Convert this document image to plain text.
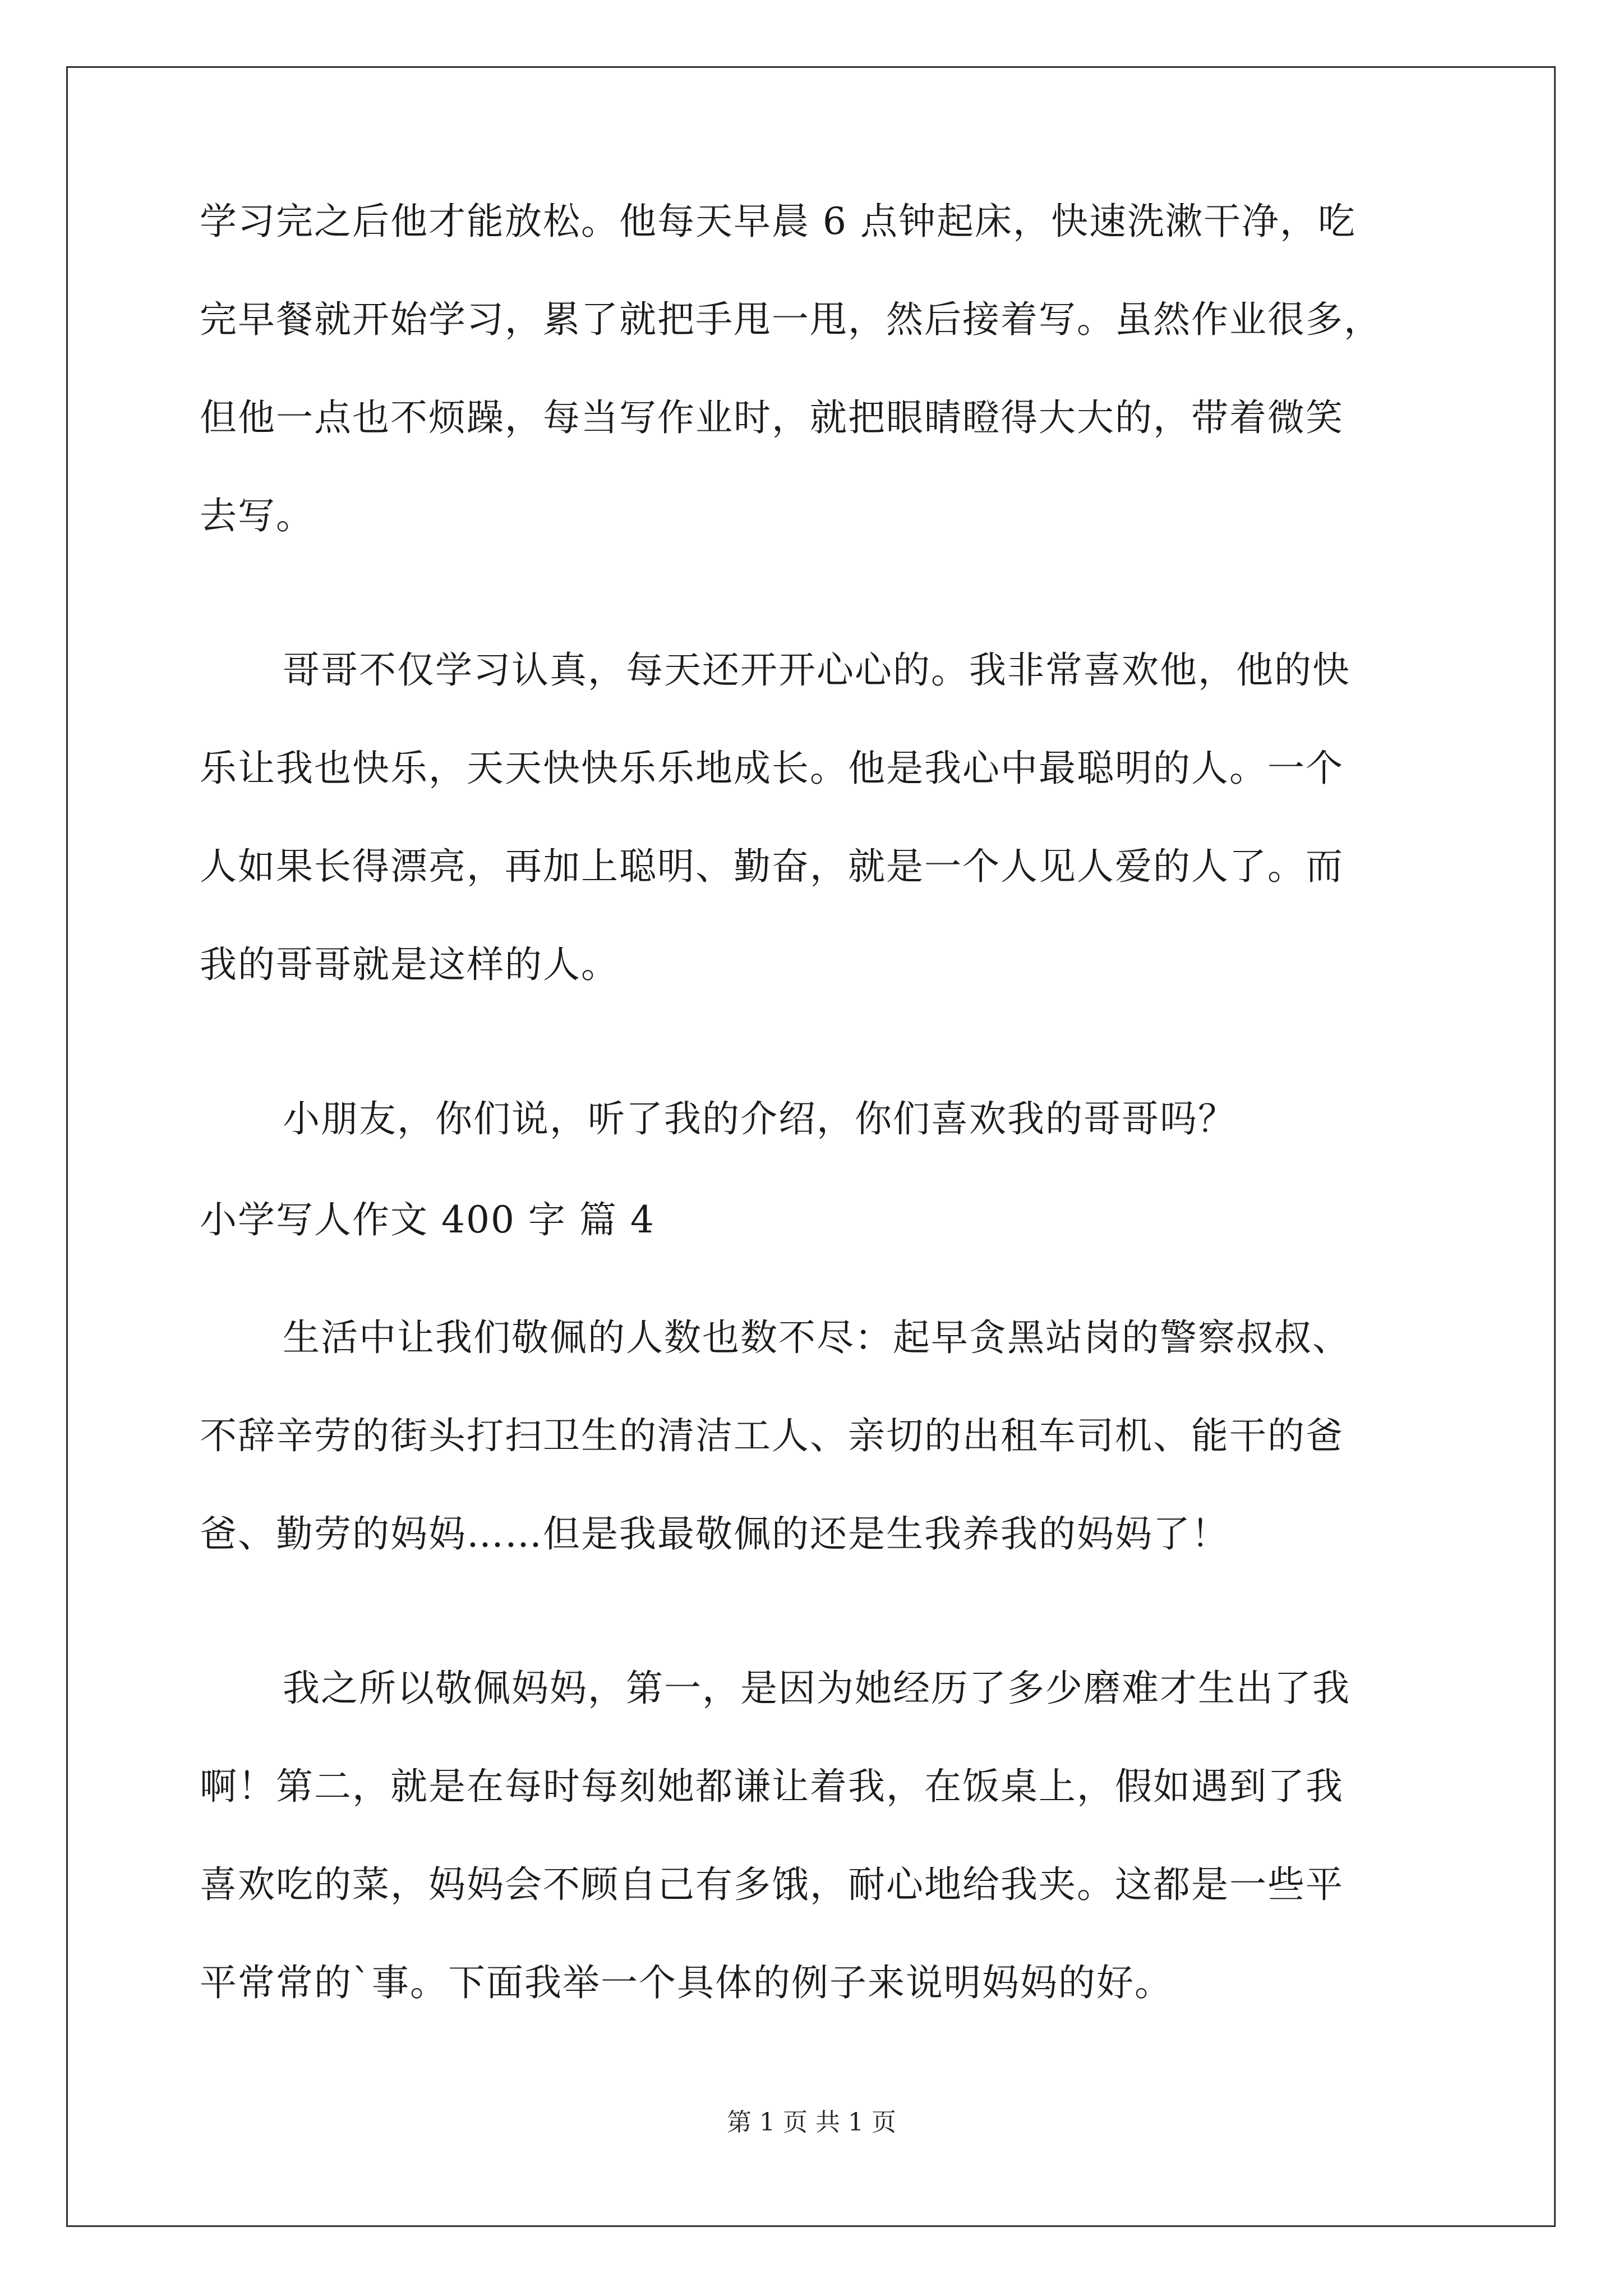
学习完之后他才能放松。他每天早晨 6 点钟起床，快速洗漱干净，吃
完早餐就开始学习，累了就把手甩一甩，然后接着写。虽然作业很多，
但他一点也不烦躁，每当写作业时，就把眼睛瞪得大大的，带着微笑
去写。
哥哥不仅学习认真，每天还开开心心的。我非常喜欢他，他的快
乐让我也快乐，天天快快乐乐地成长。他是我心中最聪明的人。一个
人如果长得漂亮，再加上聪明、勤奋，就是一个人见人爱的人了。而
我的哥哥就是这样的人。
小朋友，你们说，听了我的介绍，你们喜欢我的哥哥吗？
小学写人作文 400 字 篇 4
生活中让我们敬佩的人数也数不尽：起早贪黑站岗的警察叔叔、
不辞辛劳的街头打扫卫生的清洁工人、亲切的出租车司机、能干的爸
爸、勤劳的妈妈……但是我最敬佩的还是生我养我的妈妈了！
我之所以敬佩妈妈，第一，是因为她经历了多少磨难才生出了我
啊！第二，就是在每时每刻她都谦让着我，在饭桌上，假如遇到了我
喜欢吃的菜，妈妈会不顾自己有多饿，耐心地给我夹。这都是一些平
平常常的`事。下面我举一个具体的例子来说明妈妈的好。
第 1 页 共 1 页
